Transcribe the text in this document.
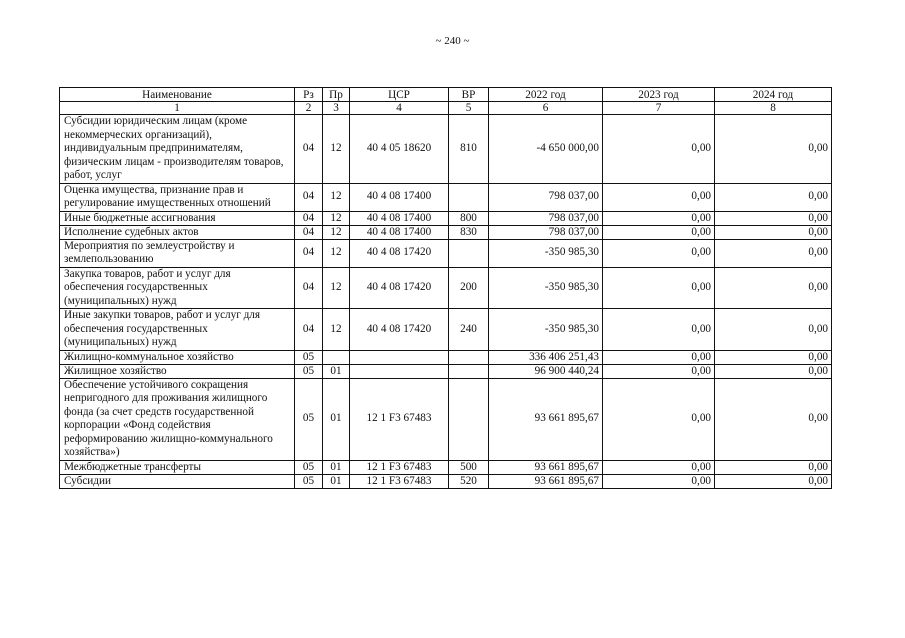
~ 240 ~
Наименование	Рз	Пр	ЦСР	ВР	2022 год	2023 год	2024 год
1	2	3	4	5	6	7	8
Субсидии юридическим лицам (кроме некоммерческих организаций), индивидуальным предпринимателям, физическим лицам - производителям товаров, работ, услуг	04	12	40 4 05 18620	810	-4 650 000,00	0,00	0,00
Оценка имущества, признание прав и регулирование имущественных отношений	04	12	40 4 08 17400		798 037,00	0,00	0,00
Иные бюджетные ассигнования	04	12	40 4 08 17400	800	798 037,00	0,00	0,00
Исполнение судебных актов	04	12	40 4 08 17400	830	798 037,00	0,00	0,00
Мероприятия по землеустройству и землепользованию	04	12	40 4 08 17420		-350 985,30	0,00	0,00
Закупка товаров, работ и услуг для обеспечения государственных (муниципальных) нужд	04	12	40 4 08 17420	200	-350 985,30	0,00	0,00
Иные закупки товаров, работ и услуг для обеспечения государственных (муниципальных) нужд	04	12	40 4 08 17420	240	-350 985,30	0,00	0,00
Жилищно-коммунальное хозяйство	05				336 406 251,43	0,00	0,00
Жилищное хозяйство	05	01			96 900 440,24	0,00	0,00
Обеспечение устойчивого сокращения непригодного для проживания жилищного фонда (за счет средств государственной корпорации «Фонд содействия реформированию жилищно-коммунального хозяйства»)	05	01	12 1 F3 67483		93 661 895,67	0,00	0,00
Межбюджетные трансферты	05	01	12 1 F3 67483	500	93 661 895,67	0,00	0,00
Субсидии	05	01	12 1 F3 67483	520	93 661 895,67	0,00	0,00
